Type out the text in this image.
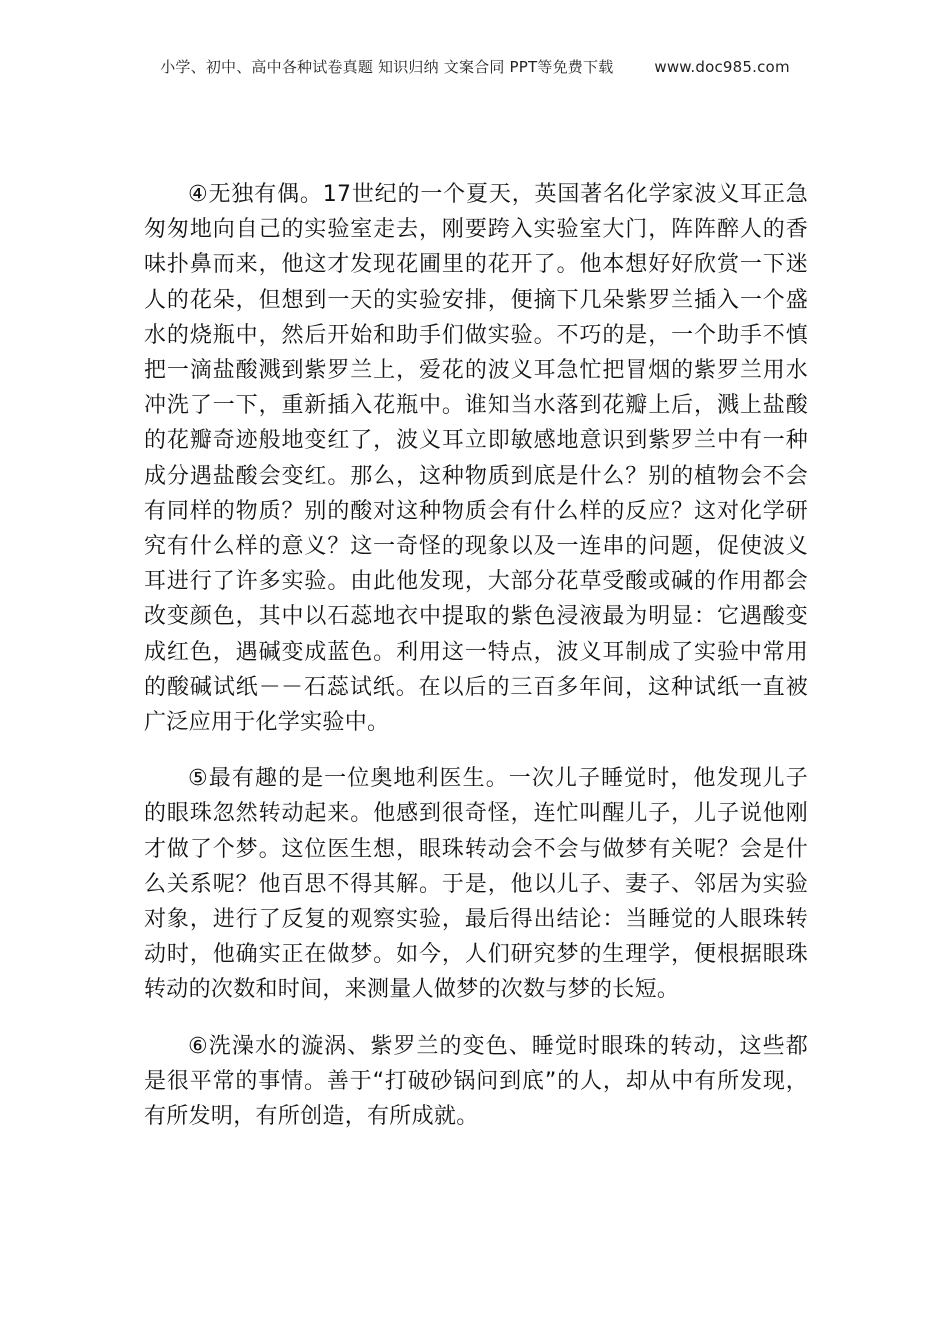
小学、初中、高中各种试卷真题 知识归纳 文案合同 PPT等免费下载	www.doc985.com

④无独有偶。17世纪的一个夏天，英国著名化学家波义耳正急匆匆地向自己的实验室走去，刚要跨入实验室大门，阵阵醉人的香味扑鼻而来，他这才发现花圃里的花开了。他本想好好欣赏一下迷人的花朵，但想到一天的实验安排，便摘下几朵紫罗兰插入一个盛水的烧瓶中，然后开始和助手们做实验。不巧的是，一个助手不慎把一滴盐酸溅到紫罗兰上，爱花的波义耳急忙把冒烟的紫罗兰用水冲洗了一下，重新插入花瓶中。谁知当水落到花瓣上后，溅上盐酸的花瓣奇迹般地变红了，波义耳立即敏感地意识到紫罗兰中有一种成分遇盐酸会变红。那么，这种物质到底是什么？别的植物会不会有同样的物质？别的酸对这种物质会有什么样的反应？这对化学研究有什么样的意义？这一奇怪的现象以及一连串的问题，促使波义耳进行了许多实验。由此他发现，大部分花草受酸或碱的作用都会改变颜色，其中以石蕊地衣中提取的紫色浸液最为明显：它遇酸变成红色，遇碱变成蓝色。利用这一特点，波义耳制成了实验中常用的酸碱试纸－－石蕊试纸。在以后的三百多年间，这种试纸一直被广泛应用于化学实验中。

⑤最有趣的是一位奥地利医生。一次儿子睡觉时，他发现儿子的眼珠忽然转动起来。他感到很奇怪，连忙叫醒儿子，儿子说他刚才做了个梦。这位医生想，眼珠转动会不会与做梦有关呢？会是什么关系呢？他百思不得其解。于是，他以儿子、妻子、邻居为实验对象，进行了反复的观察实验，最后得出结论：当睡觉的人眼珠转动时，他确实正在做梦。如今，人们研究梦的生理学，便根据眼珠转动的次数和时间，来测量人做梦的次数与梦的长短。

⑥洗澡水的漩涡、紫罗兰的变色、睡觉时眼珠的转动，这些都是很平常的事情。善于“打破砂锅问到底”的人，却从中有所发现，有所发明，有所创造，有所成就。
